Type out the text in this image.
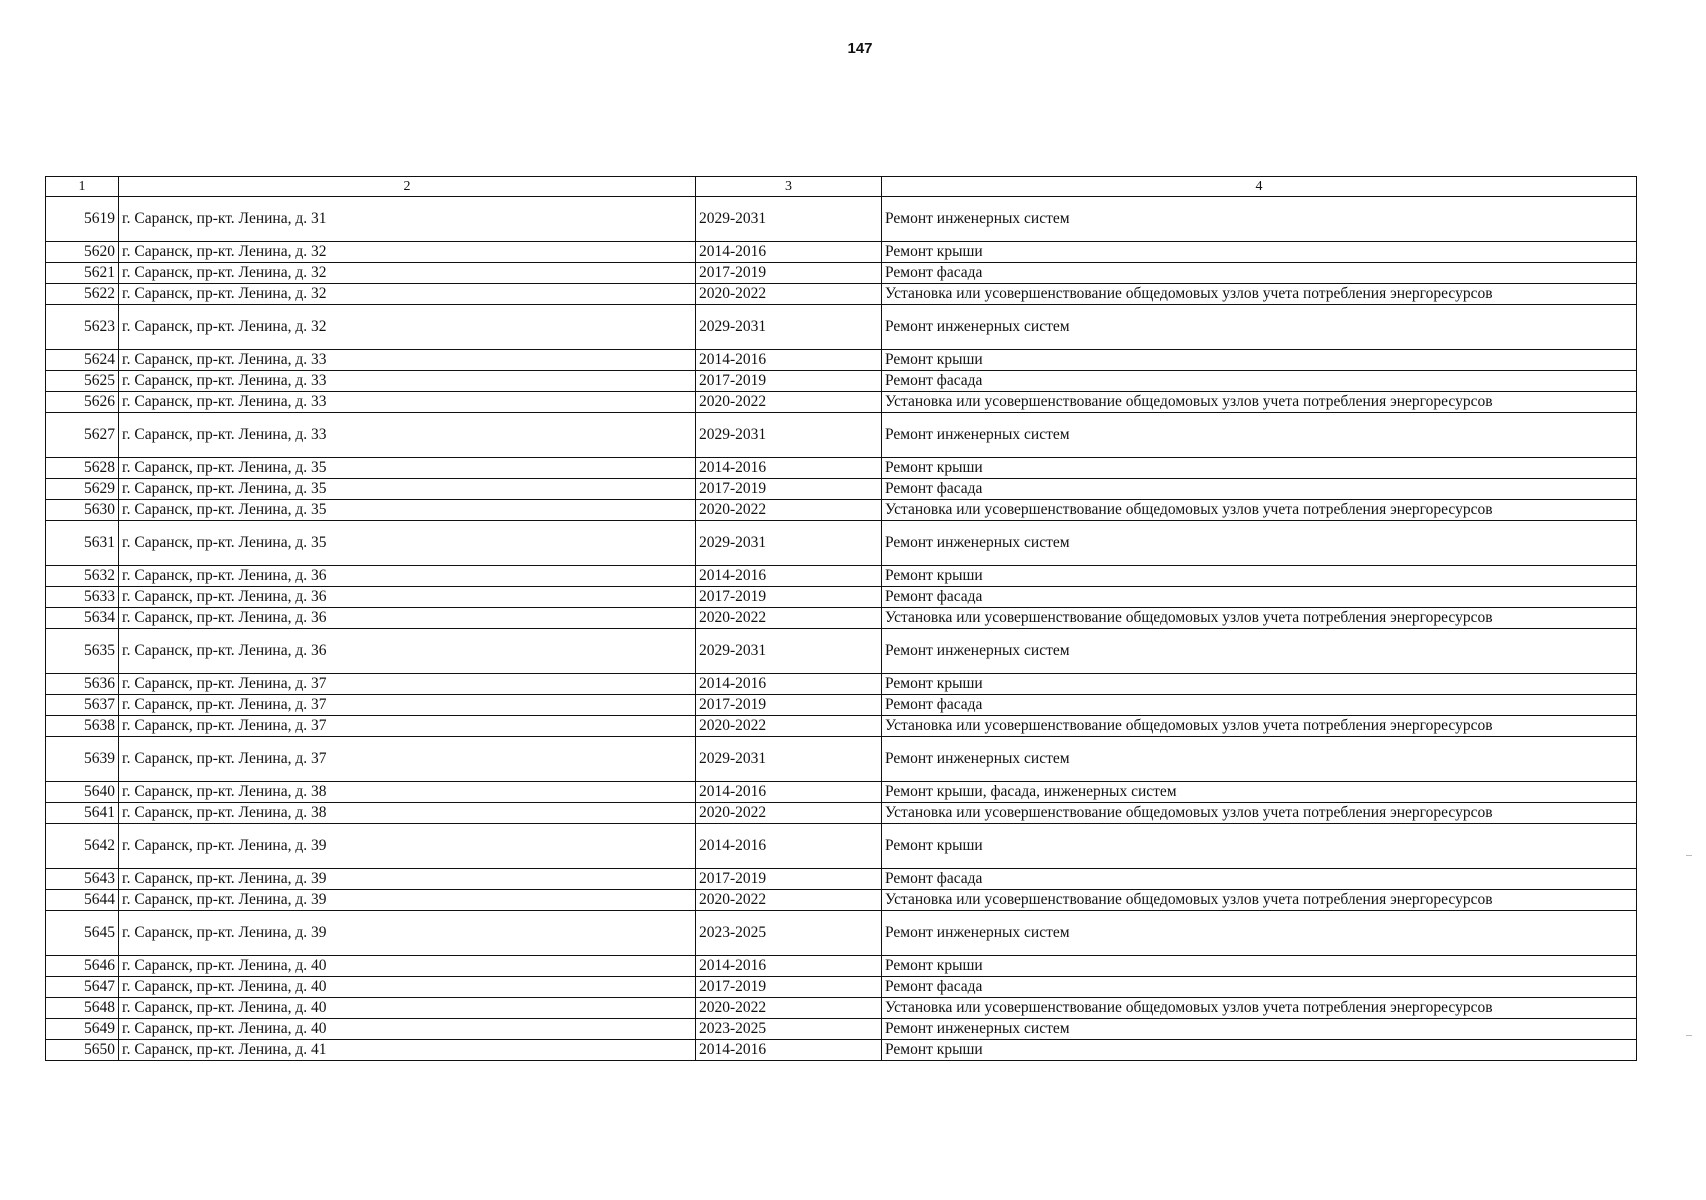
147
1	2	3	4
5619	г. Саранск, пр-кт. Ленина, д. 31	2029-2031	Ремонт инженерных систем
5620	г. Саранск, пр-кт. Ленина, д. 32	2014-2016	Ремонт крыши
5621	г. Саранск, пр-кт. Ленина, д. 32	2017-2019	Ремонт фасада
5622	г. Саранск, пр-кт. Ленина, д. 32	2020-2022	Установка или усовершенствование общедомовых узлов учета потребления энергоресурсов
5623	г. Саранск, пр-кт. Ленина, д. 32	2029-2031	Ремонт инженерных систем
5624	г. Саранск, пр-кт. Ленина, д. 33	2014-2016	Ремонт крыши
5625	г. Саранск, пр-кт. Ленина, д. 33	2017-2019	Ремонт фасада
5626	г. Саранск, пр-кт. Ленина, д. 33	2020-2022	Установка или усовершенствование общедомовых узлов учета потребления энергоресурсов
5627	г. Саранск, пр-кт. Ленина, д. 33	2029-2031	Ремонт инженерных систем
5628	г. Саранск, пр-кт. Ленина, д. 35	2014-2016	Ремонт крыши
5629	г. Саранск, пр-кт. Ленина, д. 35	2017-2019	Ремонт фасада
5630	г. Саранск, пр-кт. Ленина, д. 35	2020-2022	Установка или усовершенствование общедомовых узлов учета потребления энергоресурсов
5631	г. Саранск, пр-кт. Ленина, д. 35	2029-2031	Ремонт инженерных систем
5632	г. Саранск, пр-кт. Ленина, д. 36	2014-2016	Ремонт крыши
5633	г. Саранск, пр-кт. Ленина, д. 36	2017-2019	Ремонт фасада
5634	г. Саранск, пр-кт. Ленина, д. 36	2020-2022	Установка или усовершенствование общедомовых узлов учета потребления энергоресурсов
5635	г. Саранск, пр-кт. Ленина, д. 36	2029-2031	Ремонт инженерных систем
5636	г. Саранск, пр-кт. Ленина, д. 37	2014-2016	Ремонт крыши
5637	г. Саранск, пр-кт. Ленина, д. 37	2017-2019	Ремонт фасада
5638	г. Саранск, пр-кт. Ленина, д. 37	2020-2022	Установка или усовершенствование общедомовых узлов учета потребления энергоресурсов
5639	г. Саранск, пр-кт. Ленина, д. 37	2029-2031	Ремонт инженерных систем
5640	г. Саранск, пр-кт. Ленина, д. 38	2014-2016	Ремонт крыши, фасада, инженерных систем
5641	г. Саранск, пр-кт. Ленина, д. 38	2020-2022	Установка или усовершенствование общедомовых узлов учета потребления энергоресурсов
5642	г. Саранск, пр-кт. Ленина, д. 39	2014-2016	Ремонт крыши
5643	г. Саранск, пр-кт. Ленина, д. 39	2017-2019	Ремонт фасада
5644	г. Саранск, пр-кт. Ленина, д. 39	2020-2022	Установка или усовершенствование общедомовых узлов учета потребления энергоресурсов
5645	г. Саранск, пр-кт. Ленина, д. 39	2023-2025	Ремонт инженерных систем
5646	г. Саранск, пр-кт. Ленина, д. 40	2014-2016	Ремонт крыши
5647	г. Саранск, пр-кт. Ленина, д. 40	2017-2019	Ремонт фасада
5648	г. Саранск, пр-кт. Ленина, д. 40	2020-2022	Установка или усовершенствование общедомовых узлов учета потребления энергоресурсов
5649	г. Саранск, пр-кт. Ленина, д. 40	2023-2025	Ремонт инженерных систем
5650	г. Саранск, пр-кт. Ленина, д. 41	2014-2016	Ремонт крыши
